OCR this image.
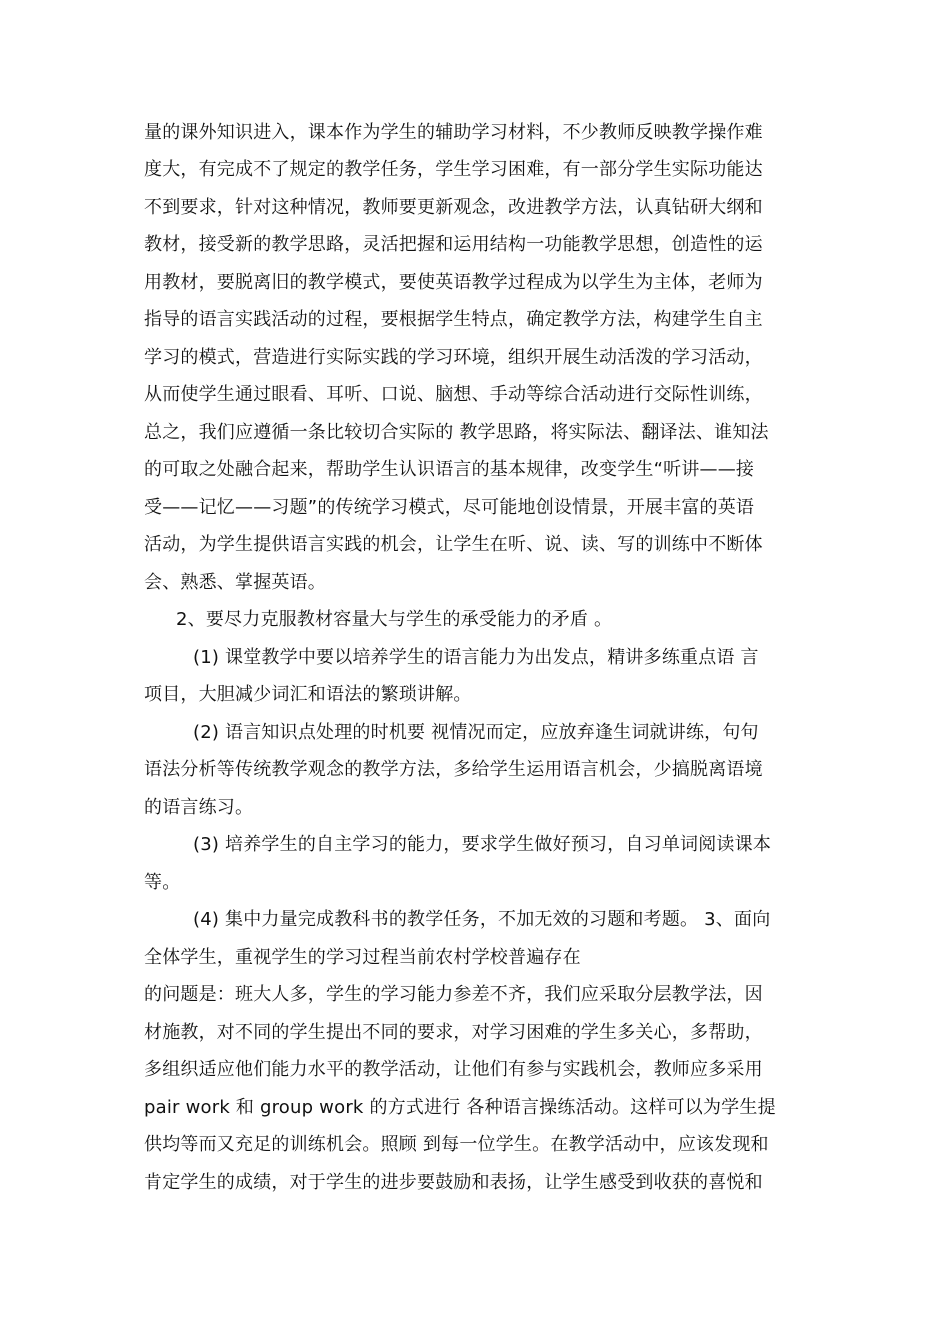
量的课外知识进入，课本作为学生的辅助学习材料，不少教师反映教学操作难
度大，有完成不了规定的教学任务，学生学习困难，有一部分学生实际功能达
不到要求，针对这种情况，教师要更新观念，改进教学方法，认真钻研大纲和
教材，接受新的教学思路，灵活把握和运用结构一功能教学思想，创造性的运
用教材，要脱离旧的教学模式，要使英语教学过程成为以学生为主体，老师为
指导的语言实践活动的过程，要根据学生特点，确定教学方法，构建学生自主
学习的模式，营造进行实际实践的学习环境，组织开展生动活泼的学习活动，
从而使学生通过眼看、耳听、口说、脑想、手动等综合活动进行交际性训练，
总之，我们应遵循一条比较切合实际的 教学思路，将实际法、翻译法、谁知法
的可取之处融合起来，帮助学生认识语言的基本规律，改变学生“听讲——接
受——记忆——习题”的传统学习模式，尽可能地创设情景，开展丰富的英语
活动，为学生提供语言实践的机会，让学生在听、说、读、写的训练中不断体
会、熟悉、掌握英语。
2、要尽力克服教材容量大与学生的承受能力的矛盾 。
(1) 课堂教学中要以培养学生的语言能力为出发点，精讲多练重点语 言
项目，大胆减少词汇和语法的繁琐讲解。
(2) 语言知识点处理的时机要 视情况而定，应放弃逢生词就讲练，句句
语法分析等传统教学观念的教学方法，多给学生运用语言机会，少搞脱离语境
的语言练习。
(3) 培养学生的自主学习的能力，要求学生做好预习，自习单词阅读课本
等。
(4) 集中力量完成教科书的教学任务，不加无效的习题和考题。 3、面向
全体学生，重视学生的学习过程当前农村学校普遍存在
的问题是：班大人多，学生的学习能力参差不齐，我们应采取分层教学法，因
材施教，对不同的学生提出不同的要求，对学习困难的学生多关心，多帮助，
多组织适应他们能力水平的教学活动，让他们有参与实践机会，教师应多采用
pair work 和 group work 的方式进行 各种语言操练活动。这样可以为学生提
供均等而又充足的训练机会。照顾 到每一位学生。在教学活动中，应该发现和
肯定学生的成绩，对于学生的进步要鼓励和表扬，让学生感受到收获的喜悦和
